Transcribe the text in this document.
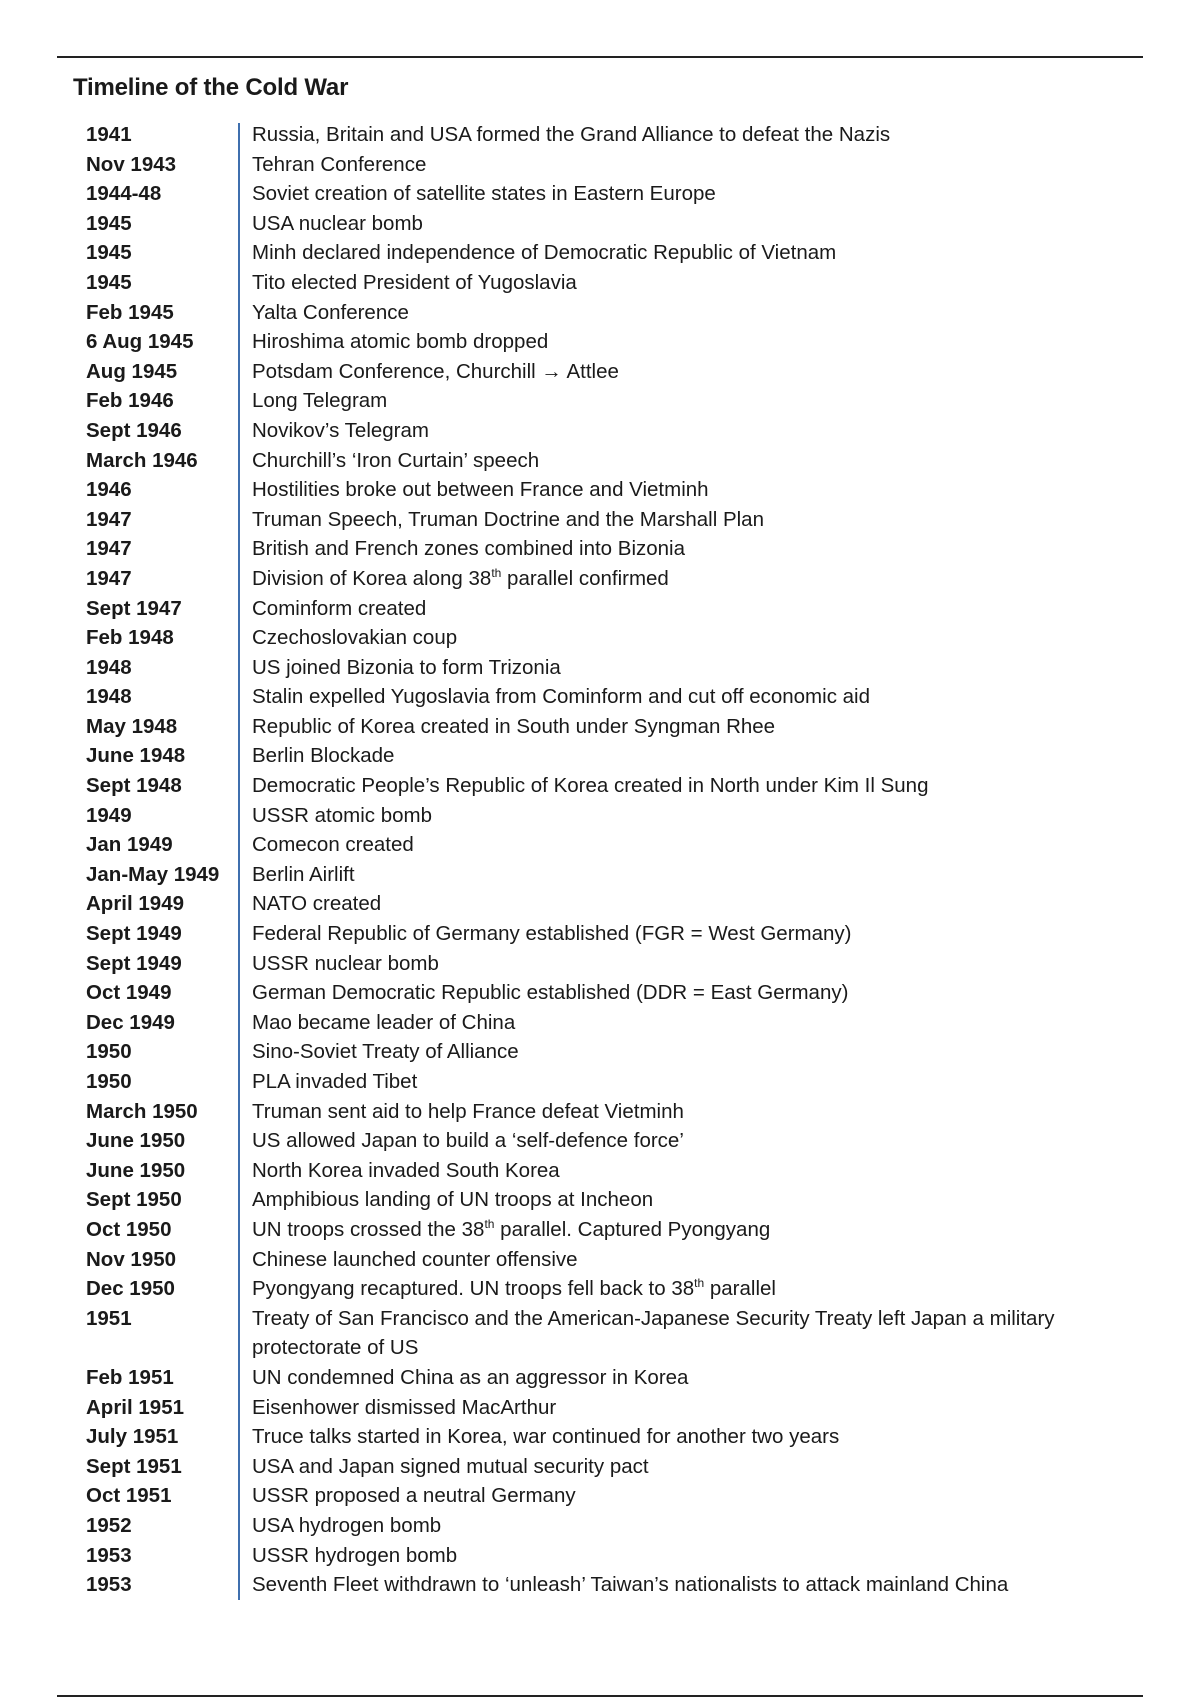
Timeline of the Cold War
1941	Russia, Britain and USA formed the Grand Alliance to defeat the Nazis
Nov 1943	Tehran Conference
1944-48	Soviet creation of satellite states in Eastern Europe
1945	USA nuclear bomb
1945	Minh declared independence of Democratic Republic of Vietnam
1945	Tito elected President of Yugoslavia
Feb 1945	Yalta Conference
6 Aug 1945	Hiroshima atomic bomb dropped
Aug 1945	Potsdam Conference, Churchill → Attlee
Feb 1946	Long Telegram
Sept 1946	Novikov’s Telegram
March 1946	Churchill’s ‘Iron Curtain’ speech
1946	Hostilities broke out between France and Vietminh
1947	Truman Speech, Truman Doctrine and the Marshall Plan
1947	British and French zones combined into Bizonia
1947	Division of Korea along 38th parallel confirmed
Sept 1947	Cominform created
Feb 1948	Czechoslovakian coup
1948	US joined Bizonia to form Trizonia
1948	Stalin expelled Yugoslavia from Cominform and cut off economic aid
May 1948	Republic of Korea created in South under Syngman Rhee
June 1948	Berlin Blockade
Sept 1948	Democratic People’s Republic of Korea created in North under Kim Il Sung
1949	USSR atomic bomb
Jan 1949	Comecon created
Jan-May 1949	Berlin Airlift
April 1949	NATO created
Sept 1949	Federal Republic of Germany established (FGR = West Germany)
Sept 1949	USSR nuclear bomb
Oct 1949	German Democratic Republic established (DDR = East Germany)
Dec 1949	Mao became leader of China
1950	Sino-Soviet Treaty of Alliance
1950	PLA invaded Tibet
March 1950	Truman sent aid to help France defeat Vietminh
June 1950	US allowed Japan to build a ‘self-defence force’
June 1950	North Korea invaded South Korea
Sept 1950	Amphibious landing of UN troops at Incheon
Oct 1950	UN troops crossed the 38th parallel. Captured Pyongyang
Nov 1950	Chinese launched counter offensive
Dec 1950	Pyongyang recaptured. UN troops fell back to 38th parallel
1951	Treaty of San Francisco and the American-Japanese Security Treaty left Japan a military protectorate of US
Feb 1951	UN condemned China as an aggressor in Korea
April 1951	Eisenhower dismissed MacArthur
July 1951	Truce talks started in Korea, war continued for another two years
Sept 1951	USA and Japan signed mutual security pact
Oct 1951	USSR proposed a neutral Germany
1952	USA hydrogen bomb
1953	USSR hydrogen bomb
1953	Seventh Fleet withdrawn to ‘unleash’ Taiwan’s nationalists to attack mainland China
